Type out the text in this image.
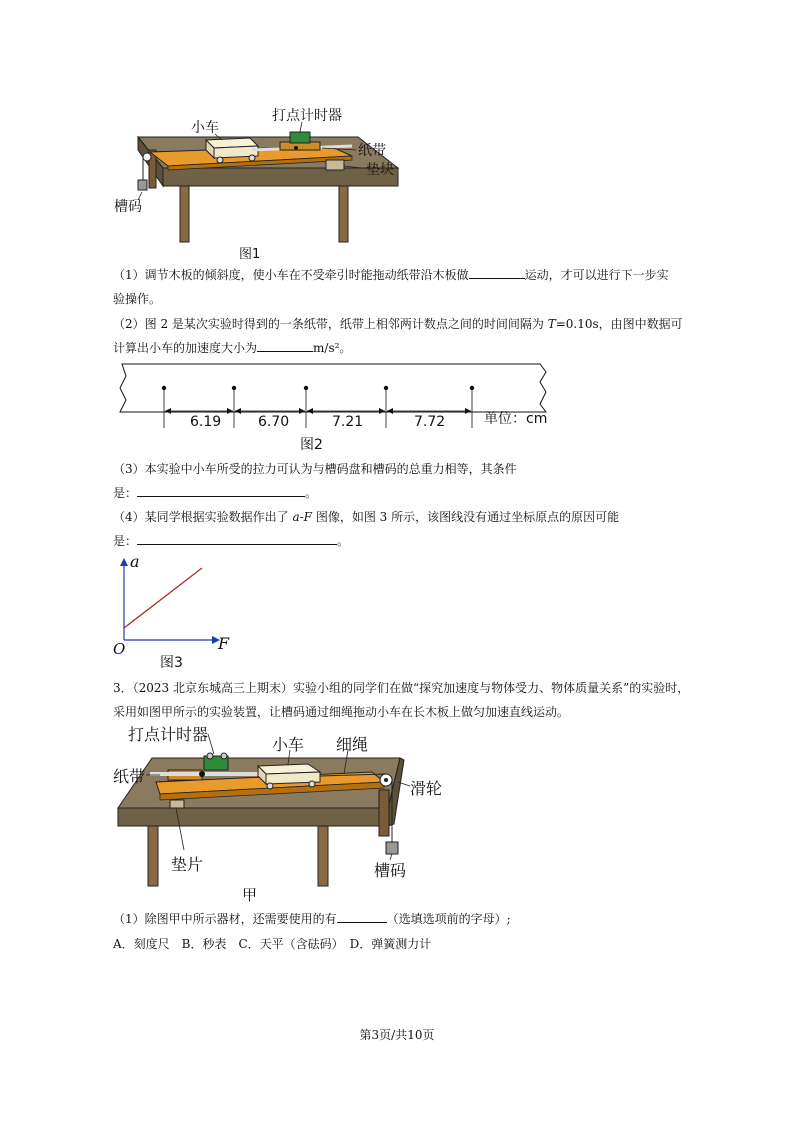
小车
打点计时器
纸带
垫块
槽码
图1
（1）调节木板的倾斜度，使小车在不受牵引时能拖动纸带沿木板做	运动，才可以进行下一步实
验操作。
（2）图 2 是某次实验时得到的一条纸带，纸带上相邻两计数点之间的时间间隔为 T=0.10s，由图中数据可
计算出小车的加速度大小为	m/s²。
6.19	6.70	7.21	7.72	单位：cm
图2
（3）本实验中小车所受的拉力可认为与槽码盘和槽码的总重力相等，其条件
是：	。
（4）某同学根据实验数据作出了 a-F 图像，如图 3 所示，该图线没有通过坐标原点的原因可能
是：	。
a
F
O
图3
3．（2023 北京东城高三上期末）实验小组的同学们在做“探究加速度与物体受力、物体质量关系”的实验时，
采用如图甲所示的实验装置，让槽码通过细绳拖动小车在长木板上做匀加速直线运动。
打点计时器
小车 细绳
纸带
滑轮
垫片	槽码
甲
（1）除图甲中所示器材，还需要使用的有	（选填选项前的字母）;
A．刻度尺　B．秒表　C．天平（含砝码）　D．弹簧测力计
第3页/共10页
